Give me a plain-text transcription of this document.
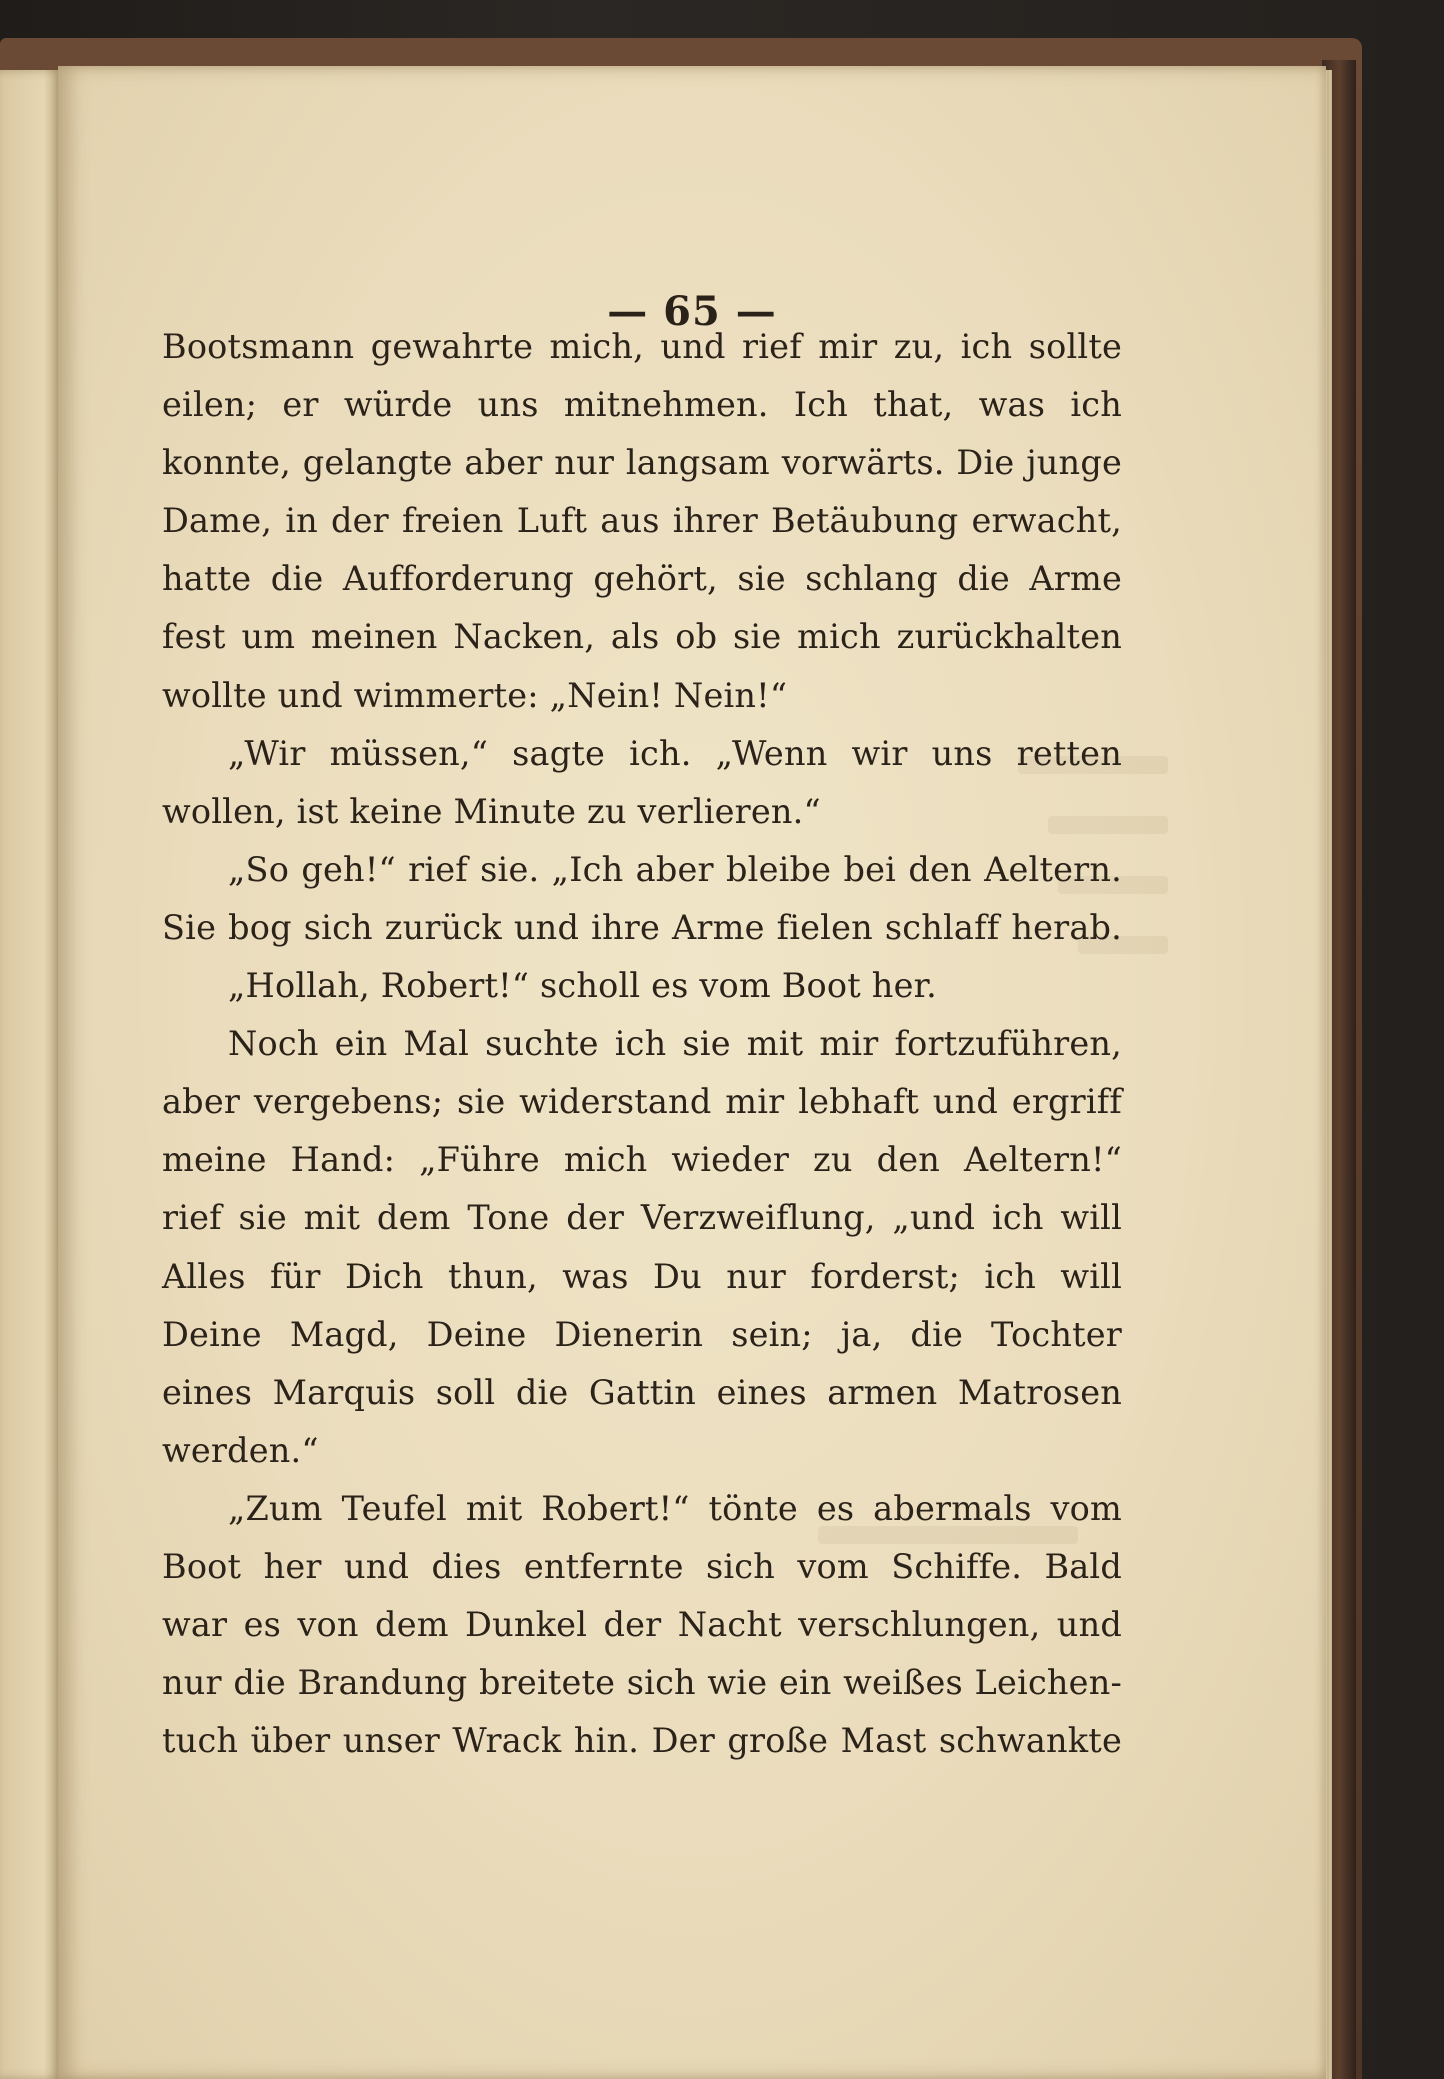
— 65 —
Bootsmann gewahrte mich, und rief mir zu, ich sollte
eilen; er würde uns mitnehmen. Ich that, was ich
konnte, gelangte aber nur langsam vorwärts. Die junge
Dame, in der freien Luft aus ihrer Betäubung erwacht,
hatte die Aufforderung gehört, sie schlang die Arme
fest um meinen Nacken, als ob sie mich zurückhalten
wollte und wimmerte: „Nein! Nein!“
„Wir müssen,“ sagte ich. „Wenn wir uns retten
wollen, ist keine Minute zu verlieren.“
„So geh!“ rief sie. „Ich aber bleibe bei den Aeltern.
Sie bog sich zurück und ihre Arme fielen schlaff herab.
„Hollah, Robert!“ scholl es vom Boot her.
Noch ein Mal suchte ich sie mit mir fortzuführen,
aber vergebens; sie widerstand mir lebhaft und ergriff
meine Hand: „Führe mich wieder zu den Aeltern!“
rief sie mit dem Tone der Verzweiflung, „und ich will
Alles für Dich thun, was Du nur forderst; ich will
Deine Magd, Deine Dienerin sein; ja, die Tochter
eines Marquis soll die Gattin eines armen Matrosen
werden.“
„Zum Teufel mit Robert!“ tönte es abermals vom
Boot her und dies entfernte sich vom Schiffe. Bald
war es von dem Dunkel der Nacht verschlungen, und
nur die Brandung breitete sich wie ein weißes Leichen-
tuch über unser Wrack hin. Der große Mast schwankte
